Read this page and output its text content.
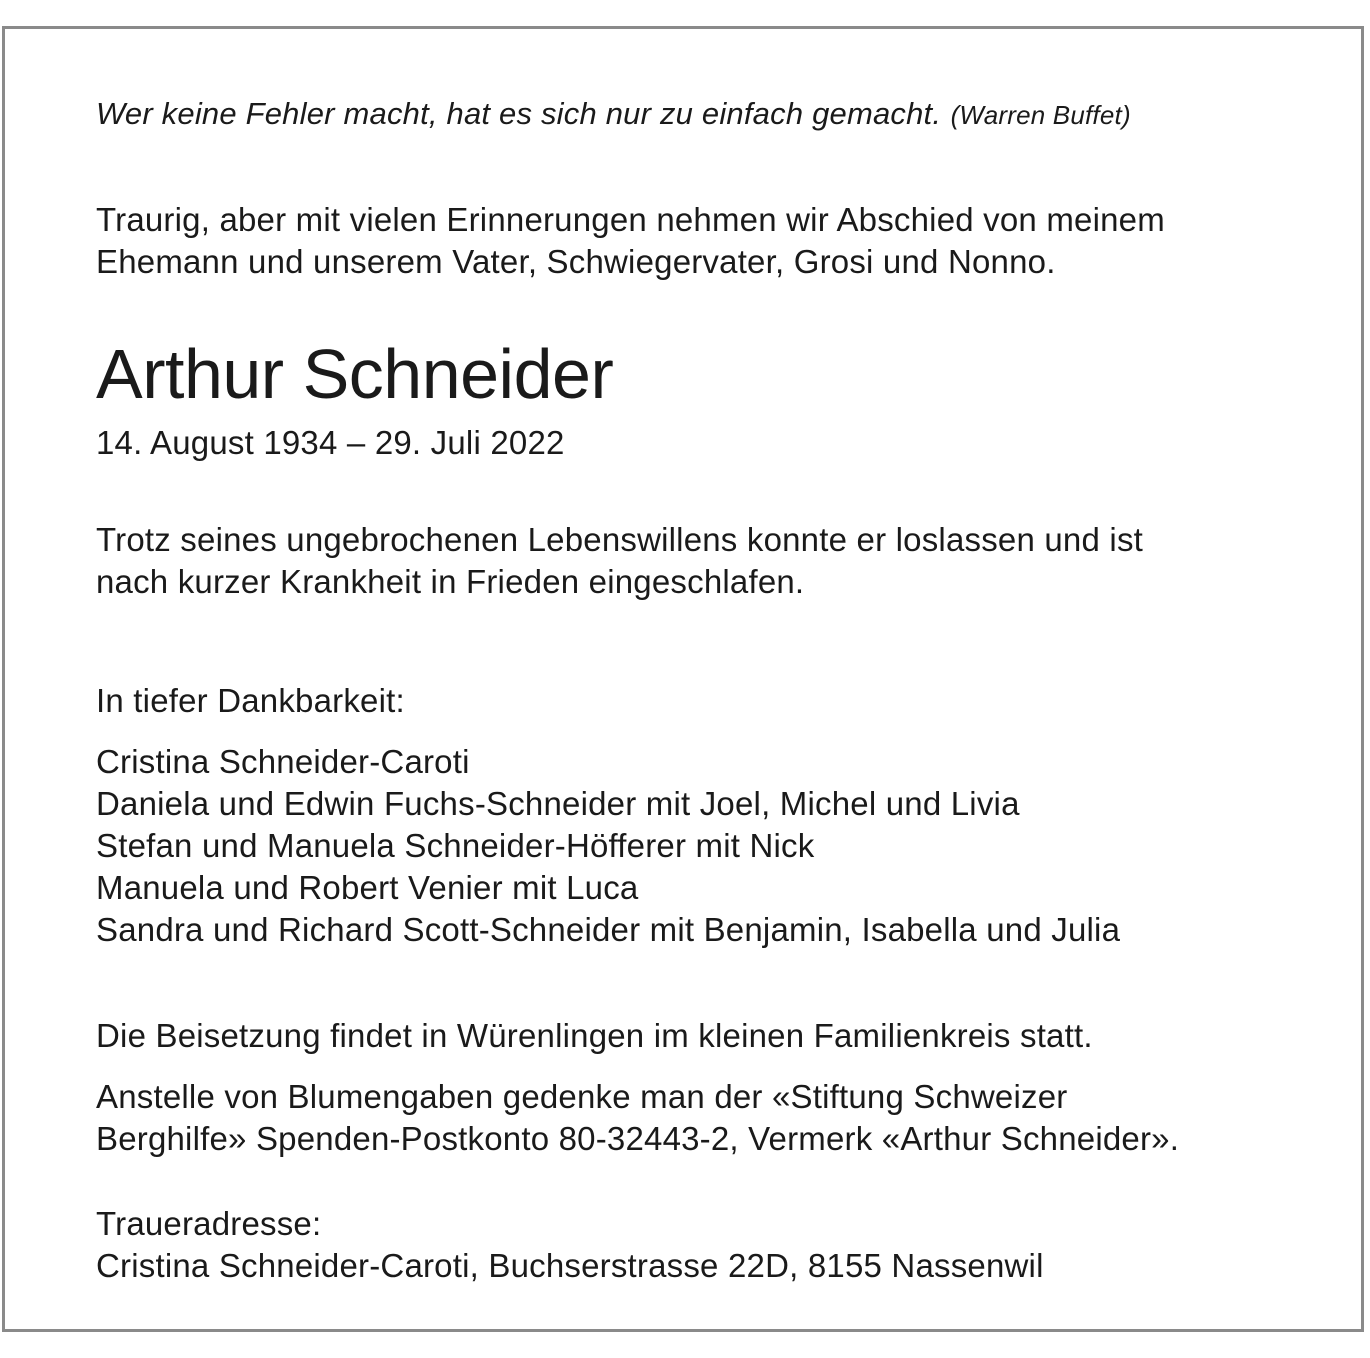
Wer keine Fehler macht, hat es sich nur zu einfach gemacht. (Warren Buffet)
Traurig, aber mit vielen Erinnerungen nehmen wir Abschied von meinem
Ehemann und unserem Vater, Schwiegervater, Grosi und Nonno.
Arthur Schneider
14. August 1934 – 29. Juli 2022
Trotz seines ungebrochenen Lebenswillens konnte er loslassen und ist
nach kurzer Krankheit in Frieden eingeschlafen.
In tiefer Dankbarkeit:
Cristina Schneider-Caroti
Daniela und Edwin Fuchs-Schneider mit Joel, Michel und Livia
Stefan und Manuela Schneider-Höfferer mit Nick
Manuela und Robert Venier mit Luca
Sandra und Richard Scott-Schneider mit Benjamin, Isabella und Julia
Die Beisetzung findet in Würenlingen im kleinen Familienkreis statt.
Anstelle von Blumengaben gedenke man der «Stiftung Schweizer
Berghilfe» Spenden-Postkonto 80-32443-2, Vermerk «Arthur Schneider».
Traueradresse:
Cristina Schneider-Caroti, Buchserstrasse 22D, 8155 Nassenwil
